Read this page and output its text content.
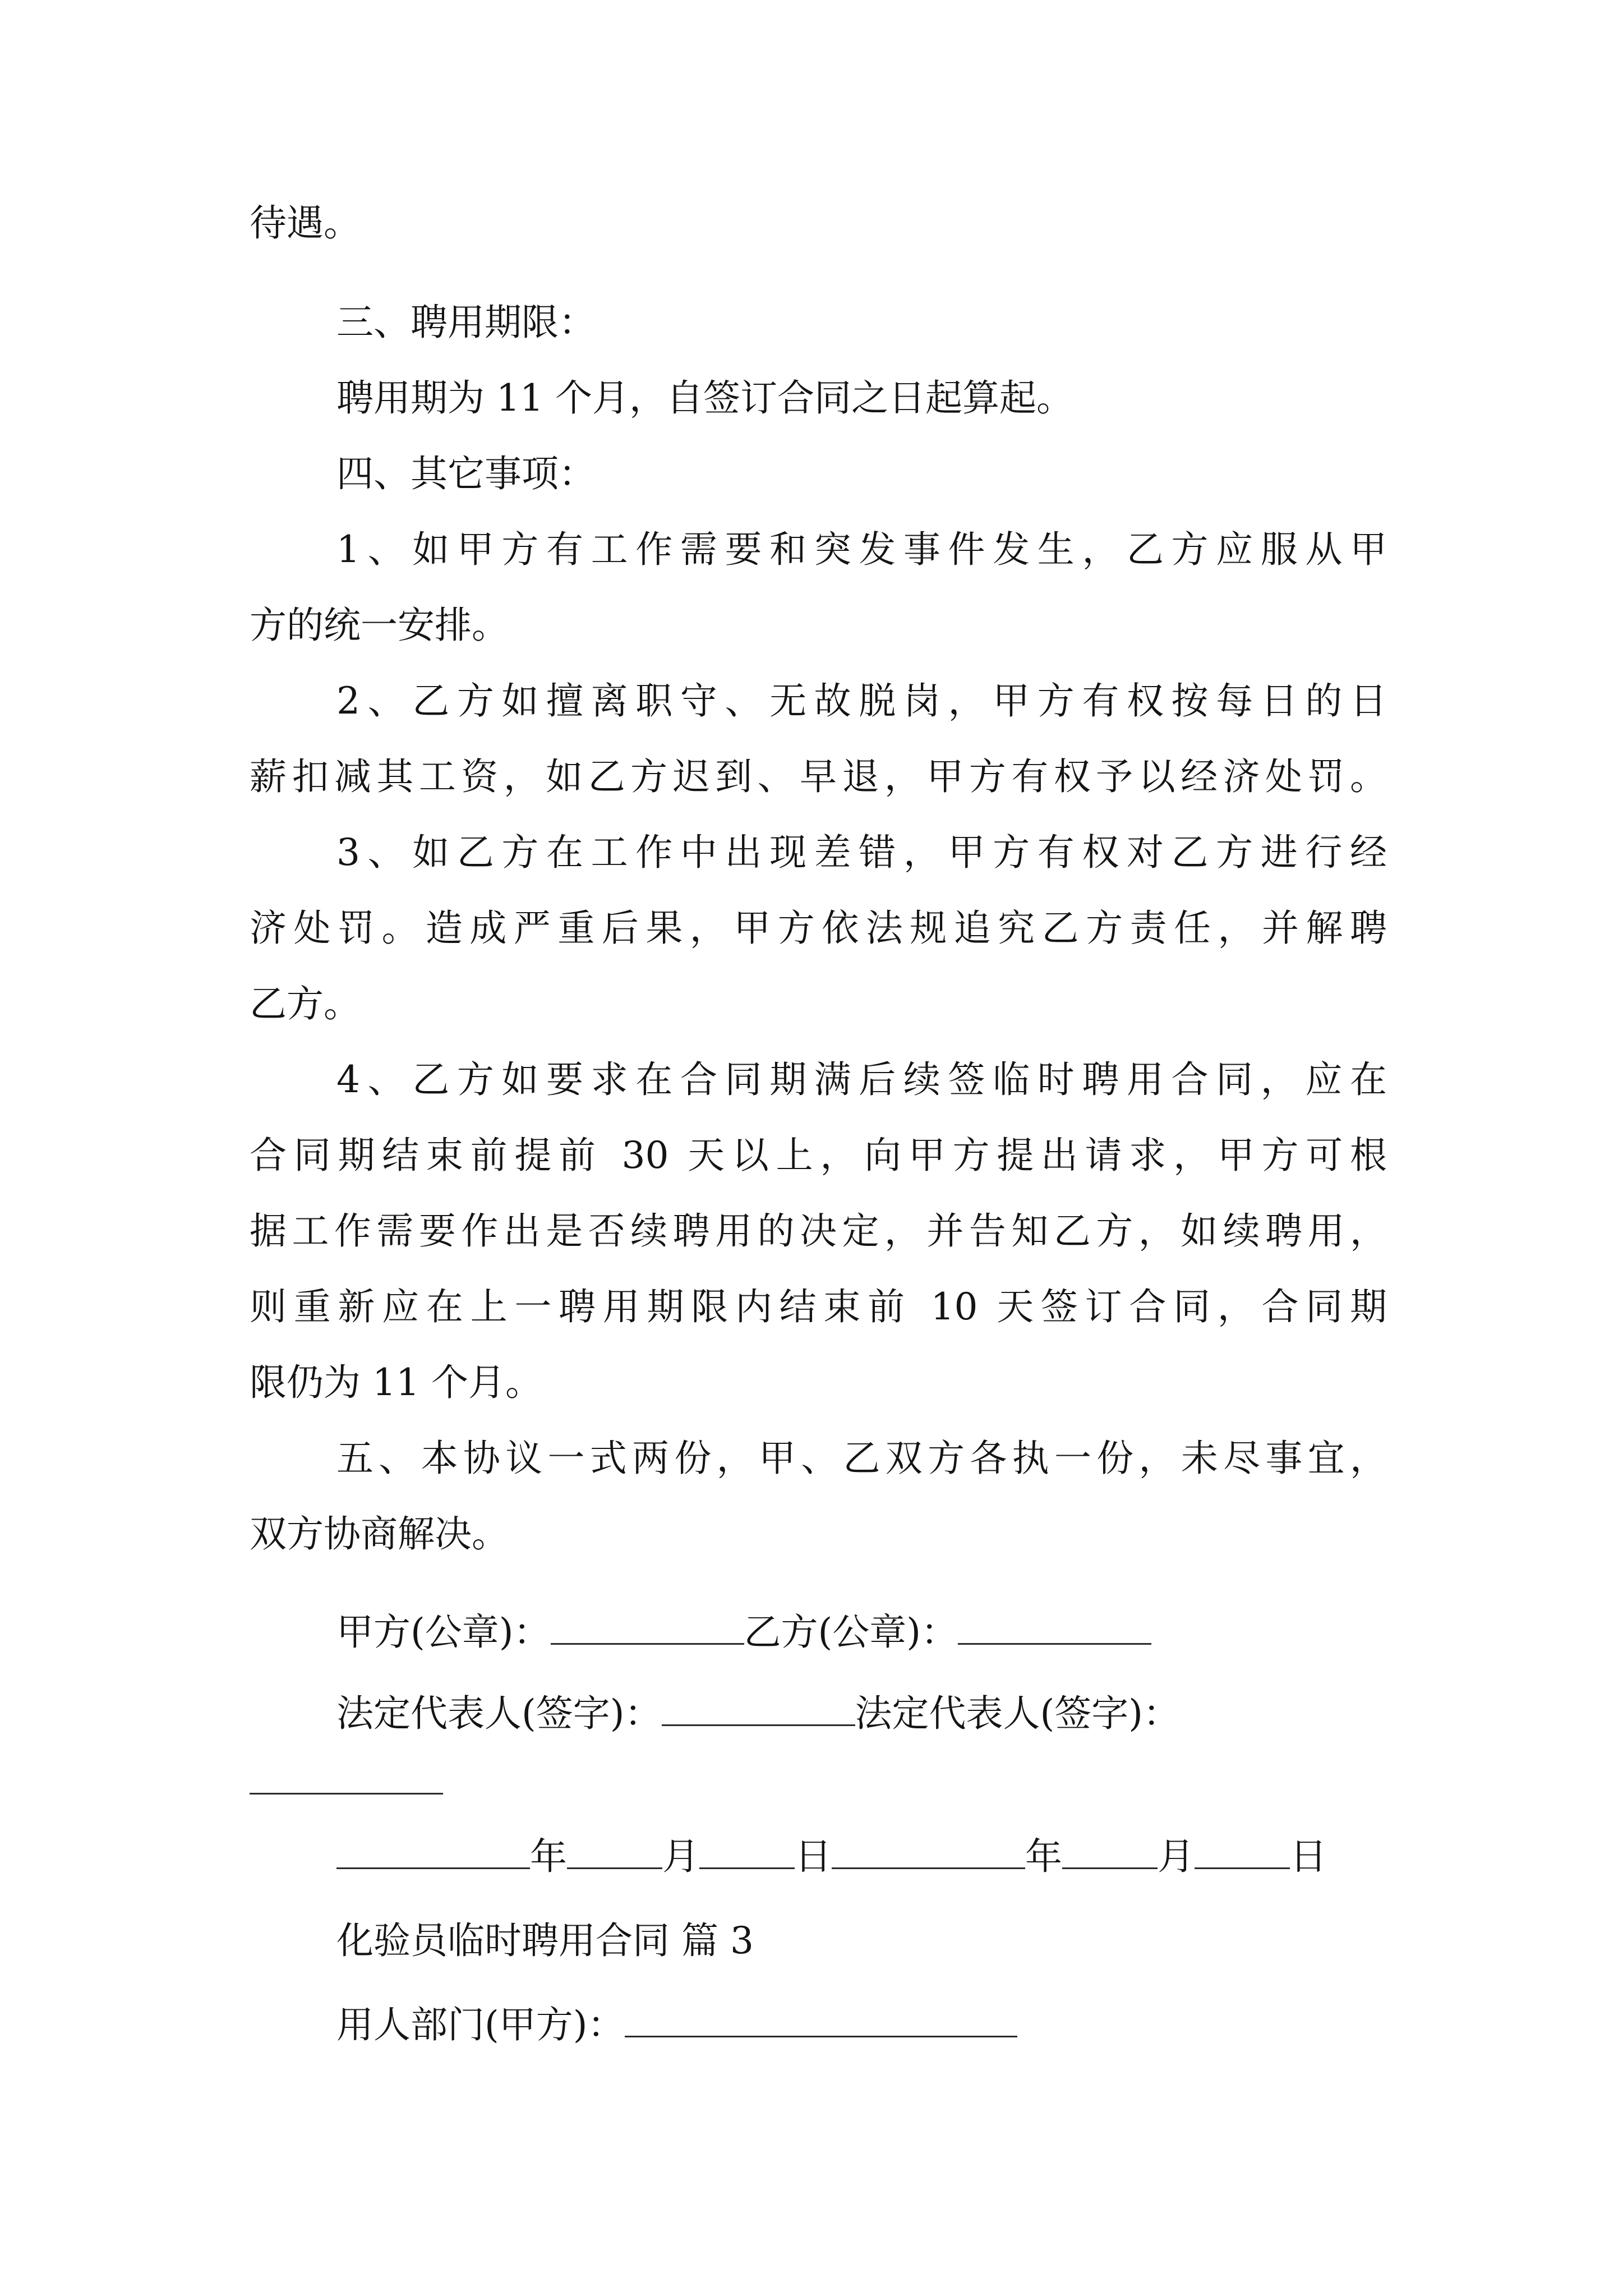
待遇。
三、聘用期限：
聘用期为 11 个月，自签订合同之日起算起。
四、其它事项：
1、如甲方有工作需要和突发事件发生，乙方应服从甲
方的统一安排。
2、乙方如擅离职守、无故脱岗，甲方有权按每日的日
薪扣减其工资，如乙方迟到、早退，甲方有权予以经济处罚。
3、如乙方在工作中出现差错，甲方有权对乙方进行经
济处罚。造成严重后果，甲方依法规追究乙方责任，并解聘
乙方。
4、乙方如要求在合同期满后续签临时聘用合同，应在
合同期结束前提前 30 天以上，向甲方提出请求，甲方可根
据工作需要作出是否续聘用的决定，并告知乙方，如续聘用，
则重新应在上一聘用期限内结束前 10 天签订合同，合同期
限仍为 11 个月。
五、本协议一式两份，甲、乙双方各执一份，未尽事宜，
双方协商解决。
甲方(公章)：	乙方(公章)：
法定代表人(签字)：	法定代表人(签字)：
年	月	日	年	月	日
化验员临时聘用合同 篇 3
用人部门(甲方)：
